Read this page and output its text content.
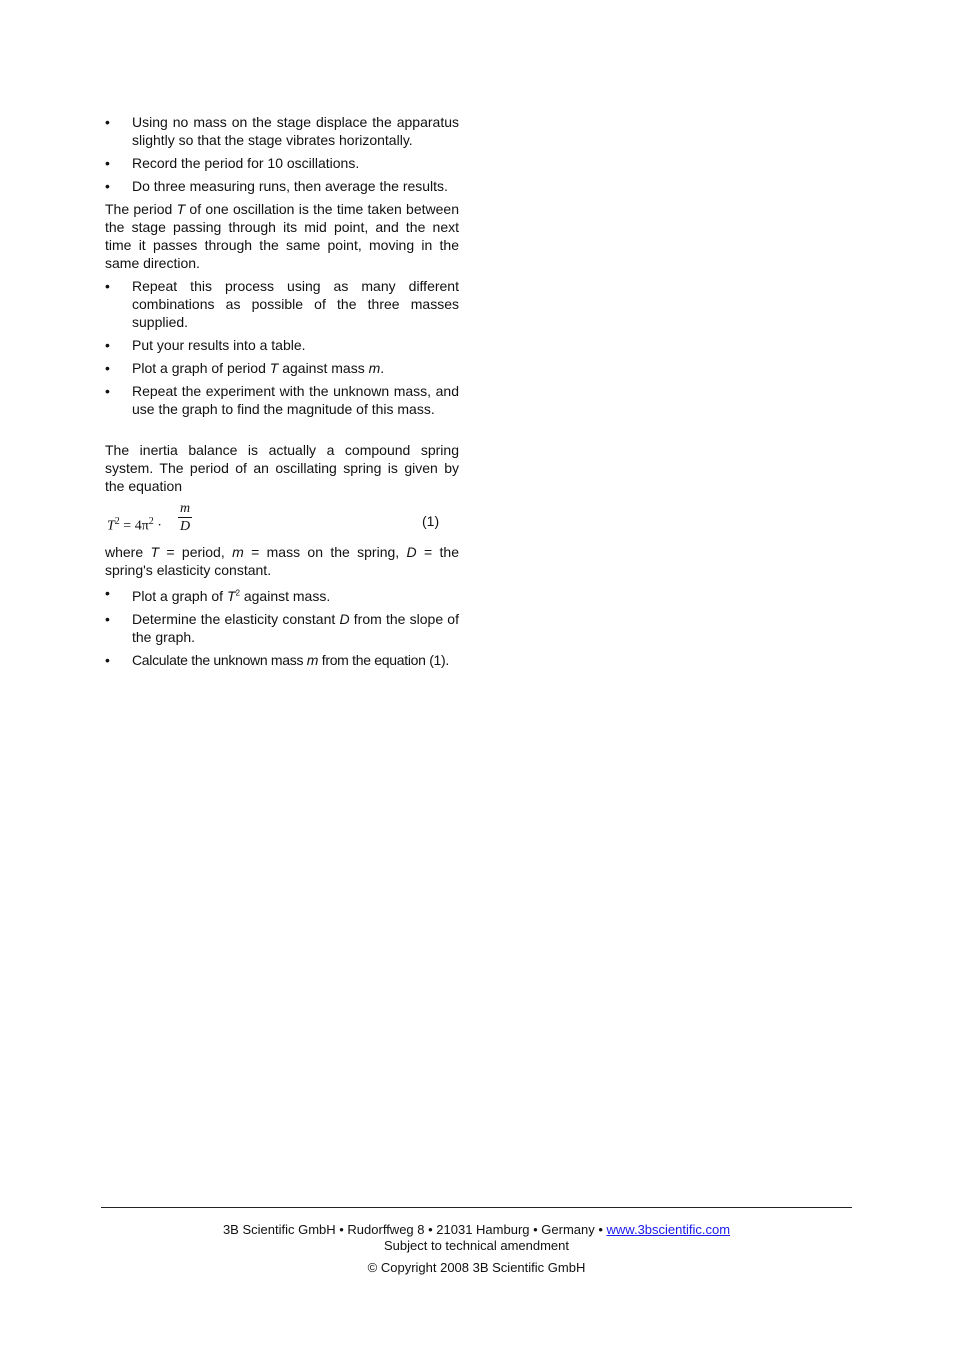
•	Using no mass on the stage displace the apparatus slightly so that the stage vibrates horizontally.
•	Record the period for 10 oscillations.
•	Do three measuring runs, then average the results.

The period T of one oscillation is the time taken between the stage passing through its mid point, and the next time it passes through the same point, moving in the same direction.

•	Repeat this process using as many different combinations as possible of the three masses supplied.
•	Put your results into a table.
•	Plot a graph of period T against mass m.
•	Repeat the experiment with the unknown mass, and use the graph to find the magnitude of this mass.

The inertia balance is actually a compound spring system. The period of an oscillating spring is given by the equation

$T^2 = 4\pi^2 \cdot \frac{m}{D}$	(1)

where T = period, m = mass on the spring, D = the spring's elasticity constant.

•	Plot a graph of $T^2$ against mass.
•	Determine the elasticity constant D from the slope of the graph.
•	Calculate the unknown mass m from the equation (1).
3B Scientific GmbH • Rudorffweg 8 • 21031 Hamburg • Germany • www.3bscientific.com
Subject to technical amendment
© Copyright 2008 3B Scientific GmbH
